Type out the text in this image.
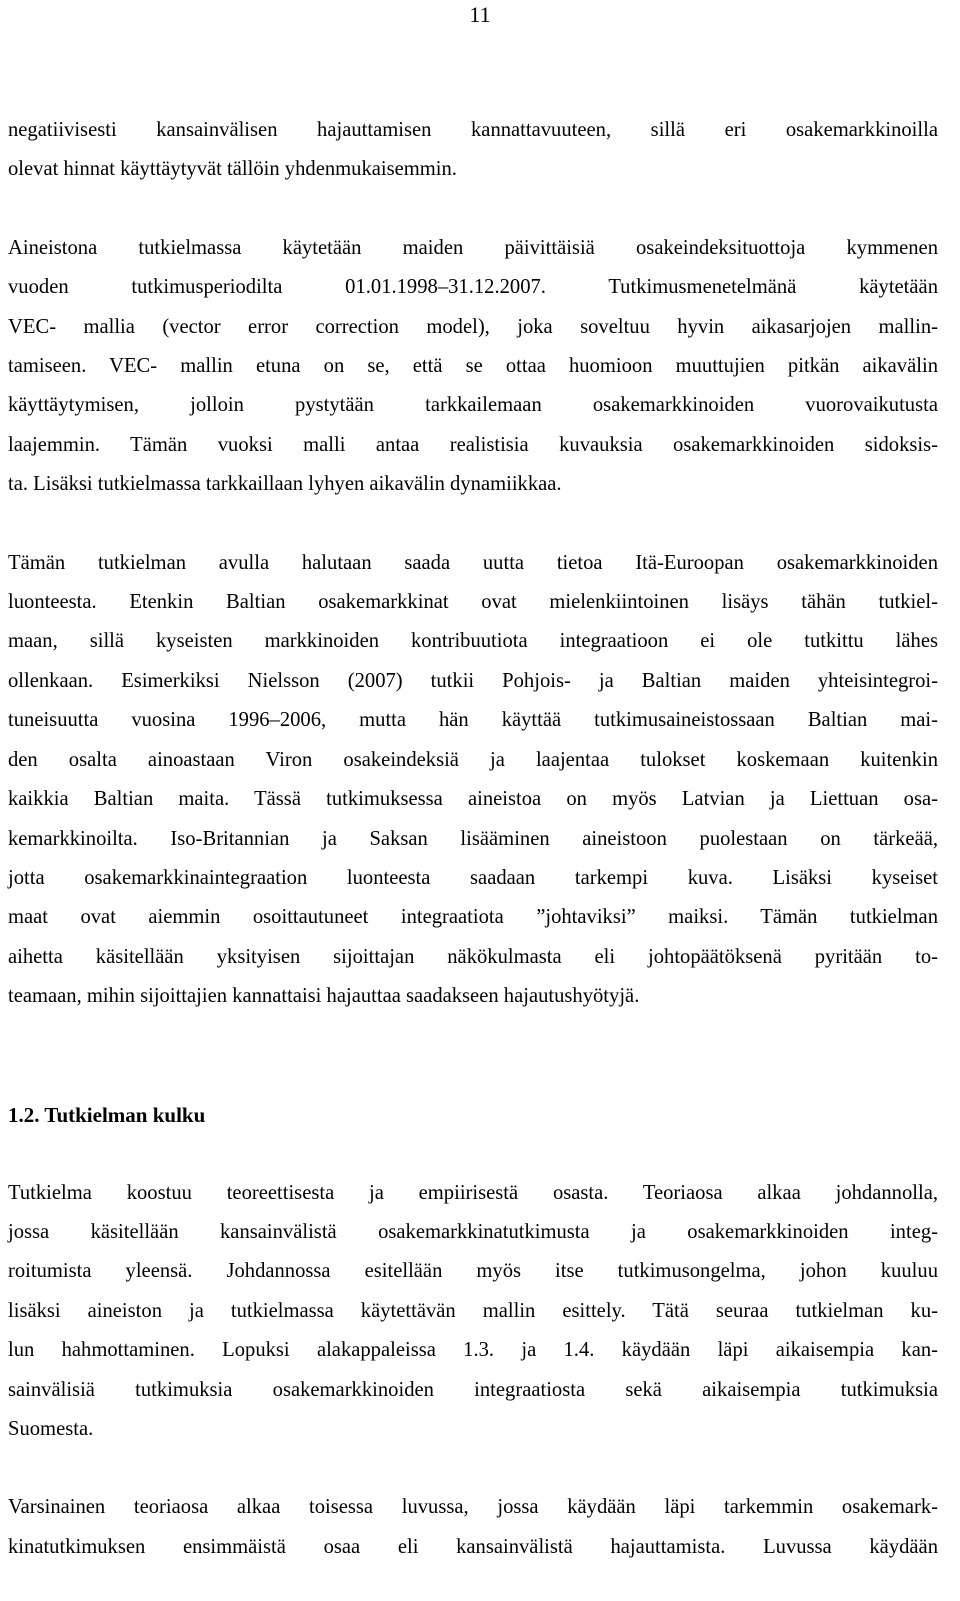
11

negatiivisesti kansainvälisen hajauttamisen kannattavuuteen, sillä eri osakemarkkinoilla
olevat hinnat käyttäytyvät tällöin yhdenmukaisemmin.

Aineistona tutkielmassa käytetään maiden päivittäisiä osakeindeksituottoja kymmenen
vuoden tutkimusperiodilta 01.01.1998–31.12.2007. Tutkimusmenetelmänä käytetään
VEC- mallia (vector error correction model), joka soveltuu hyvin aikasarjojen mallin-
tamiseen. VEC- mallin etuna on se, että se ottaa huomioon muuttujien pitkän aikavälin
käyttäytymisen, jolloin pystytään tarkkailemaan osakemarkkinoiden vuorovaikutusta
laajemmin. Tämän vuoksi malli antaa realistisia kuvauksia osakemarkkinoiden sidoksis-
ta. Lisäksi tutkielmassa tarkkaillaan lyhyen aikavälin dynamiikkaa.

Tämän tutkielman avulla halutaan saada uutta tietoa Itä-Euroopan osakemarkkinoiden
luonteesta. Etenkin Baltian osakemarkkinat ovat mielenkiintoinen lisäys tähän tutkiel-
maan, sillä kyseisten markkinoiden kontribuutiota integraatioon ei ole tutkittu lähes
ollenkaan. Esimerkiksi Nielsson (2007) tutkii Pohjois- ja Baltian maiden yhteisintegroi-
tuneisuutta vuosina 1996–2006, mutta hän käyttää tutkimusaineistossaan Baltian mai-
den osalta ainoastaan Viron osakeindeksiä ja laajentaa tulokset koskemaan kuitenkin
kaikkia Baltian maita. Tässä tutkimuksessa aineistoa on myös Latvian ja Liettuan osa-
kemarkkinoilta. Iso-Britannian ja Saksan lisääminen aineistoon puolestaan on tärkeää,
jotta osakemarkkinaintegraation luonteesta saadaan tarkempi kuva. Lisäksi kyseiset
maat ovat aiemmin osoittautuneet integraatiota ”johtaviksi” maiksi. Tämän tutkielman
aihetta käsitellään yksityisen sijoittajan näkökulmasta eli johtopäätöksenä pyritään to-
teamaan, mihin sijoittajien kannattaisi hajauttaa saadakseen hajautushyötyjä.

1.2. Tutkielman kulku

Tutkielma koostuu teoreettisesta ja empiirisestä osasta. Teoriaosa alkaa johdannolla,
jossa käsitellään kansainvälistä osakemarkkinatutkimusta ja osakemarkkinoiden integ-
roitumista yleensä. Johdannossa esitellään myös itse tutkimusongelma, johon kuuluu
lisäksi aineiston ja tutkielmassa käytettävän mallin esittely. Tätä seuraa tutkielman ku-
lun hahmottaminen. Lopuksi alakappaleissa 1.3. ja 1.4. käydään läpi aikaisempia kan-
sainvälisiä tutkimuksia osakemarkkinoiden integraatiosta sekä aikaisempia tutkimuksia
Suomesta.

Varsinainen teoriaosa alkaa toisessa luvussa, jossa käydään läpi tarkemmin osakemark-
kinatutkimuksen ensimmäistä osaa eli kansainvälistä hajauttamista. Luvussa käydään
